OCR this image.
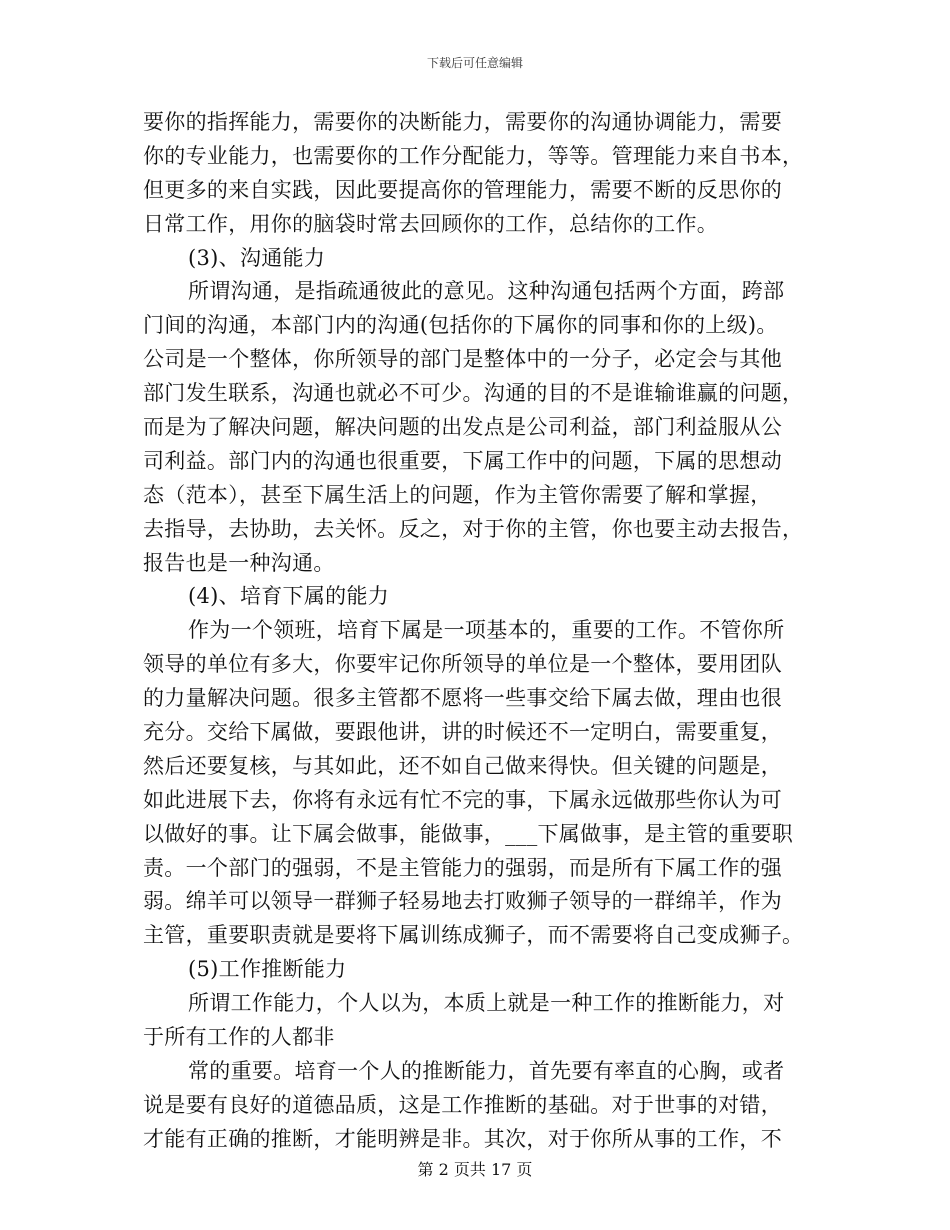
下载后可任意编辑
要你的指挥能力，需要你的决断能力，需要你的沟通协调能力，需要
你的专业能力，也需要你的工作分配能力，等等。管理能力来自书本，
但更多的来自实践，因此要提高你的管理能力，需要不断的反思你的
日常工作，用你的脑袋时常去回顾你的工作，总结你的工作。
(3)、沟通能力
所谓沟通，是指疏通彼此的意见。这种沟通包括两个方面，跨部
门间的沟通，本部门内的沟通(包括你的下属你的同事和你的上级)。
公司是一个整体，你所领导的部门是整体中的一分子，必定会与其他
部门发生联系，沟通也就必不可少。沟通的目的不是谁输谁赢的问题，
而是为了解决问题，解决问题的出发点是公司利益，部门利益服从公
司利益。部门内的沟通也很重要，下属工作中的问题，下属的思想动
态（范本），甚至下属生活上的问题，作为主管你需要了解和掌握，
去指导，去协助，去关怀。反之，对于你的主管，你也要主动去报告，
报告也是一种沟通。
(4)、培育下属的能力
作为一个领班，培育下属是一项基本的，重要的工作。不管你所
领导的单位有多大，你要牢记你所领导的单位是一个整体，要用团队
的力量解决问题。很多主管都不愿将一些事交给下属去做，理由也很
充分。交给下属做，要跟他讲，讲的时候还不一定明白，需要重复，
然后还要复核，与其如此，还不如自己做来得快。但关键的问题是，
如此进展下去，你将有永远有忙不完的事，下属永远做那些你认为可
以做好的事。让下属会做事，能做事，___下属做事，是主管的重要职
责。一个部门的强弱，不是主管能力的强弱，而是所有下属工作的强
弱。绵羊可以领导一群狮子轻易地去打败狮子领导的一群绵羊，作为
主管，重要职责就是要将下属训练成狮子，而不需要将自己变成狮子。
(5)工作推断能力
所谓工作能力，个人以为，本质上就是一种工作的推断能力，对
于所有工作的人都非
常的重要。培育一个人的推断能力，首先要有率直的心胸，或者
说是要有良好的道德品质，这是工作推断的基础。对于世事的对错，
才能有正确的推断，才能明辨是非。其次，对于你所从事的工作，不
第 2 页共 17 页
